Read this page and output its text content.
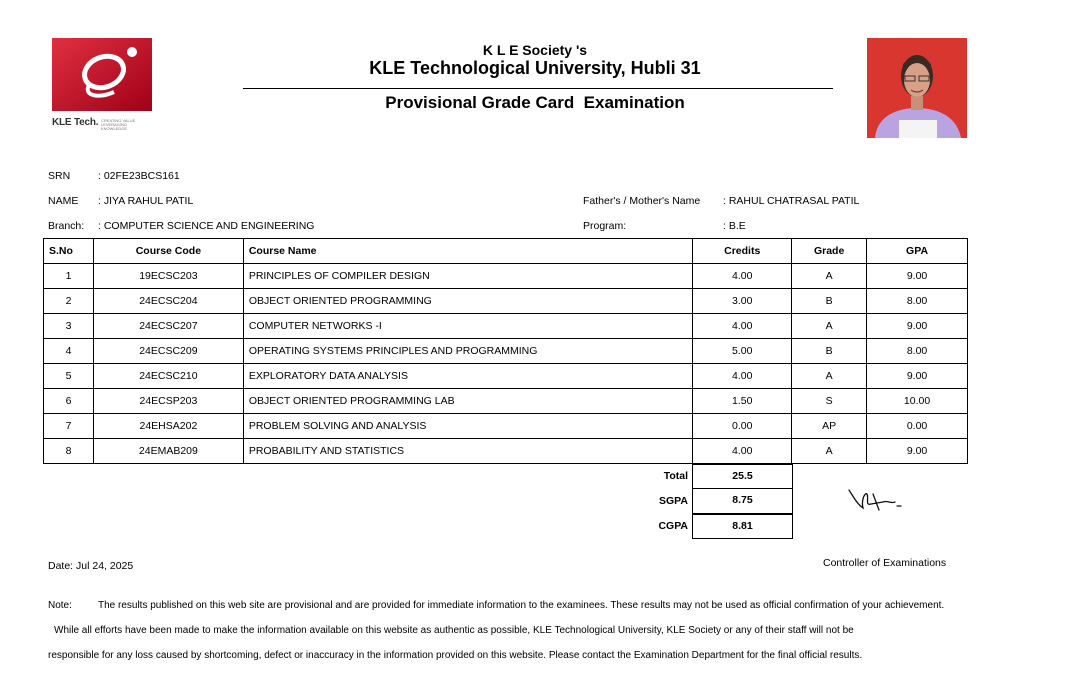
KLE Tech. CREATING VALUE LEVERAGING KNOWLEDGE
K L E Society 's
KLE Technological University, Hubli 31
Provisional Grade Card  Examination
SRN	: 02FE23BCS161
NAME : JIYA RAHUL PATIL	Father's / Mother's Name : RAHUL CHATRASAL PATIL
Branch: : COMPUTER SCIENCE AND ENGINEERING	Program:	: B.E
S.No	Course Code	Course Name	Credits	Grade	GPA
1	19ECSC203	PRINCIPLES OF COMPILER DESIGN	4.00	A	9.00
2	24ECSC204	OBJECT ORIENTED PROGRAMMING	3.00	B	8.00
3	24ECSC207	COMPUTER NETWORKS -I	4.00	A	9.00
4	24ECSC209	OPERATING SYSTEMS PRINCIPLES AND PROGRAMMING	5.00	B	8.00
5	24ECSC210	EXPLORATORY DATA ANALYSIS	4.00	A	9.00
6	24ECSP203	OBJECT ORIENTED PROGRAMMING LAB	1.50	S	10.00
7	24EHSA202	PROBLEM SOLVING AND ANALYSIS	0.00	AP	0.00
8	24EMAB209	PROBABILITY AND STATISTICS	4.00	A	9.00
Total	25.5
SGPA	8.75
CGPA	8.81
Date: Jul 24, 2025	Controller of Examinations
Note:	The results published on this web site are provisional and are provided for immediate information to the examinees. These results may not be used as official confirmation of your achievement.
While all efforts have been made to make the information available on this website as authentic as possible, KLE Technological University, KLE Society or any of their staff will not be
responsible for any loss caused by shortcoming, defect or inaccuracy in the information provided on this website. Please contact the Examination Department for the final official results.
